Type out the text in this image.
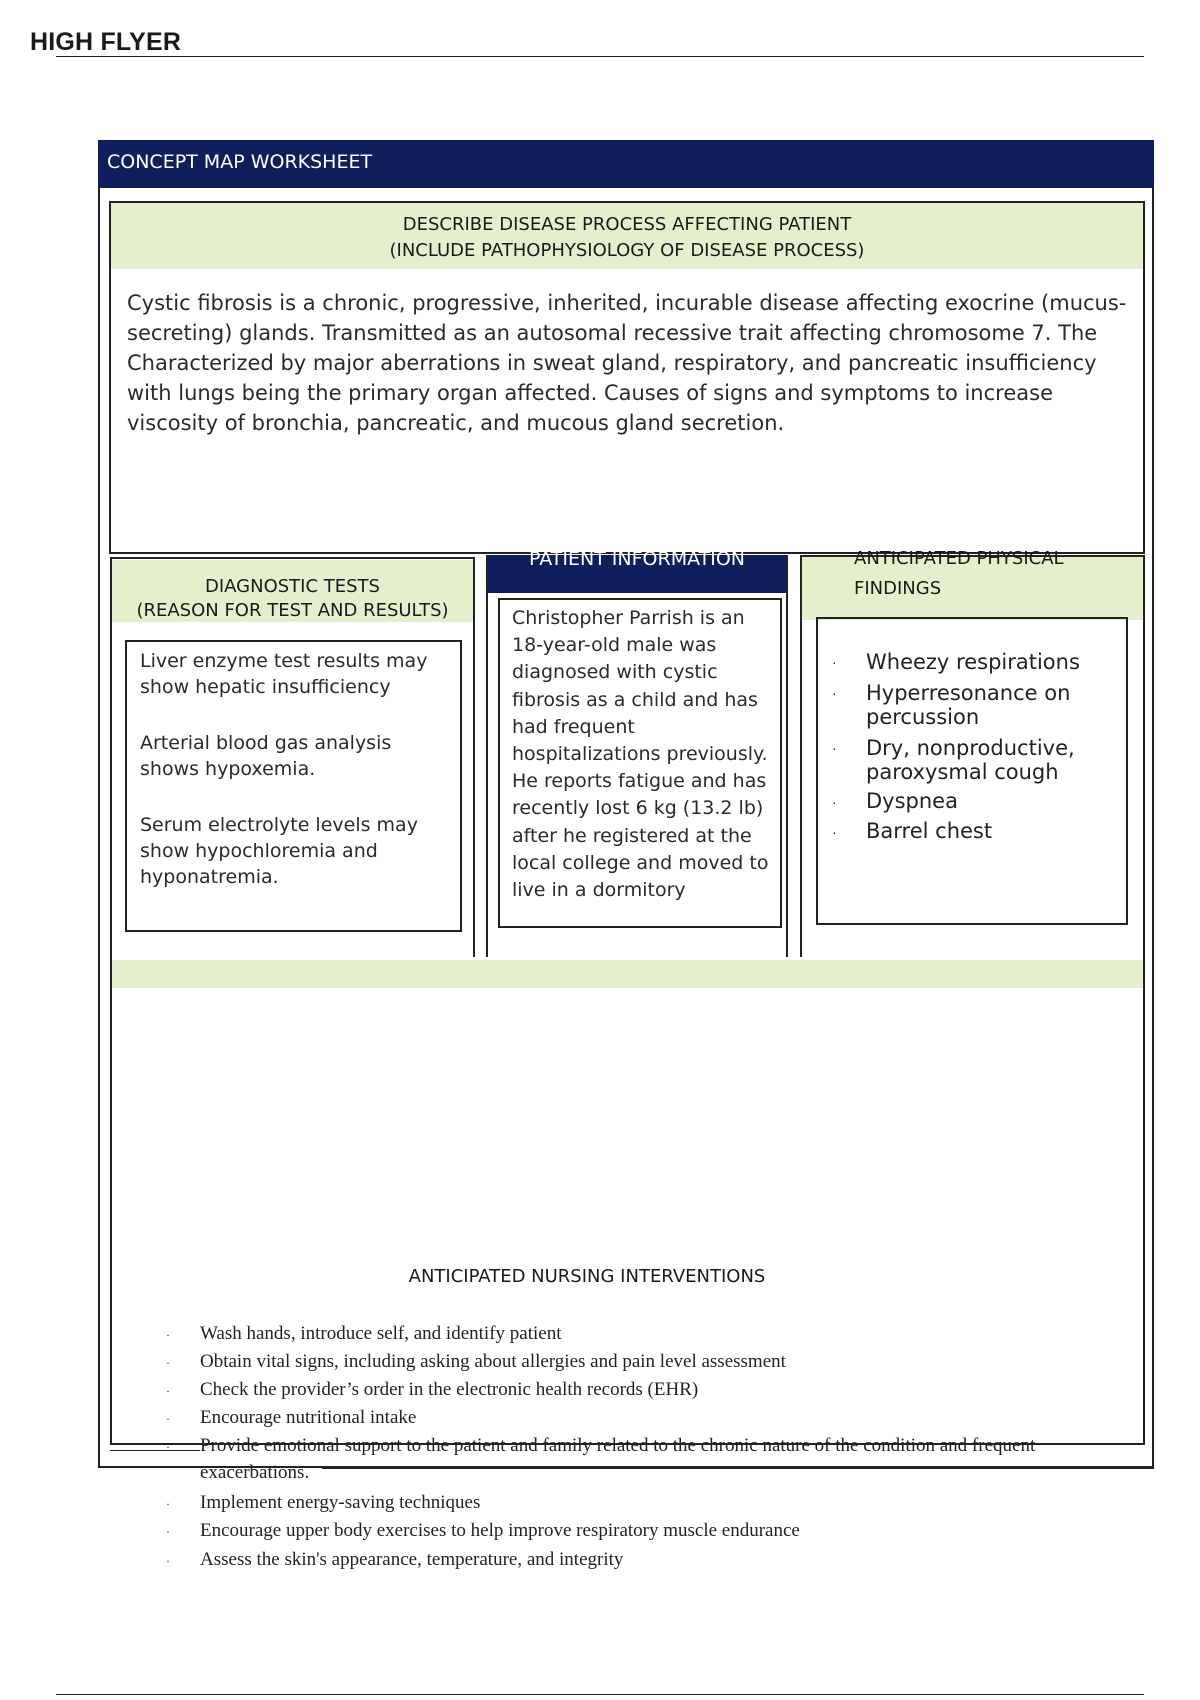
HIGH FLYER
CONCEPT MAP WORKSHEET
DESCRIBE DISEASE PROCESS AFFECTING PATIENT
(INCLUDE PATHOPHYSIOLOGY OF DISEASE PROCESS)
Cystic fibrosis is a chronic, progressive, inherited, incurable disease affecting exocrine (mucus-secreting) glands. Transmitted as an autosomal recessive trait affecting chromosome 7. The Characterized by major aberrations in sweat gland, respiratory, and pancreatic insufficiency with lungs being the primary organ affected. Causes of signs and symptoms to increase viscosity of bronchia, pancreatic, and mucous gland secretion.
DIAGNOSTIC TESTS
(REASON FOR TEST AND RESULTS)
Liver enzyme test results may show hepatic insufficiency
Arterial blood gas analysis shows hypoxemia.
Serum electrolyte levels may show hypochloremia and hyponatremia.
PATIENT INFORMATION
Christopher Parrish is an 18-year-old male was diagnosed with cystic fibrosis as a child and has had frequent hospitalizations previously. He reports fatigue and has recently lost 6 kg (13.2 lb) after he registered at the local college and moved to live in a dormitory
ANTICIPATED PHYSICAL
FINDINGS
· Wheezy respirations
· Hyperresonance on percussion
· Dry, nonproductive, paroxysmal cough
· Dyspnea
· Barrel chest
ANTICIPATED NURSING INTERVENTIONS
· Wash hands, introduce self, and identify patient
· Obtain vital signs, including asking about allergies and pain level assessment
· Check the provider’s order in the electronic health records (EHR)
· Encourage nutritional intake
· Provide emotional support to the patient and family related to the chronic nature of the condition and frequent
exacerbations.
· Implement energy-saving techniques
· Encourage upper body exercises to help improve respiratory muscle endurance
· Assess the skin's appearance, temperature, and integrity
